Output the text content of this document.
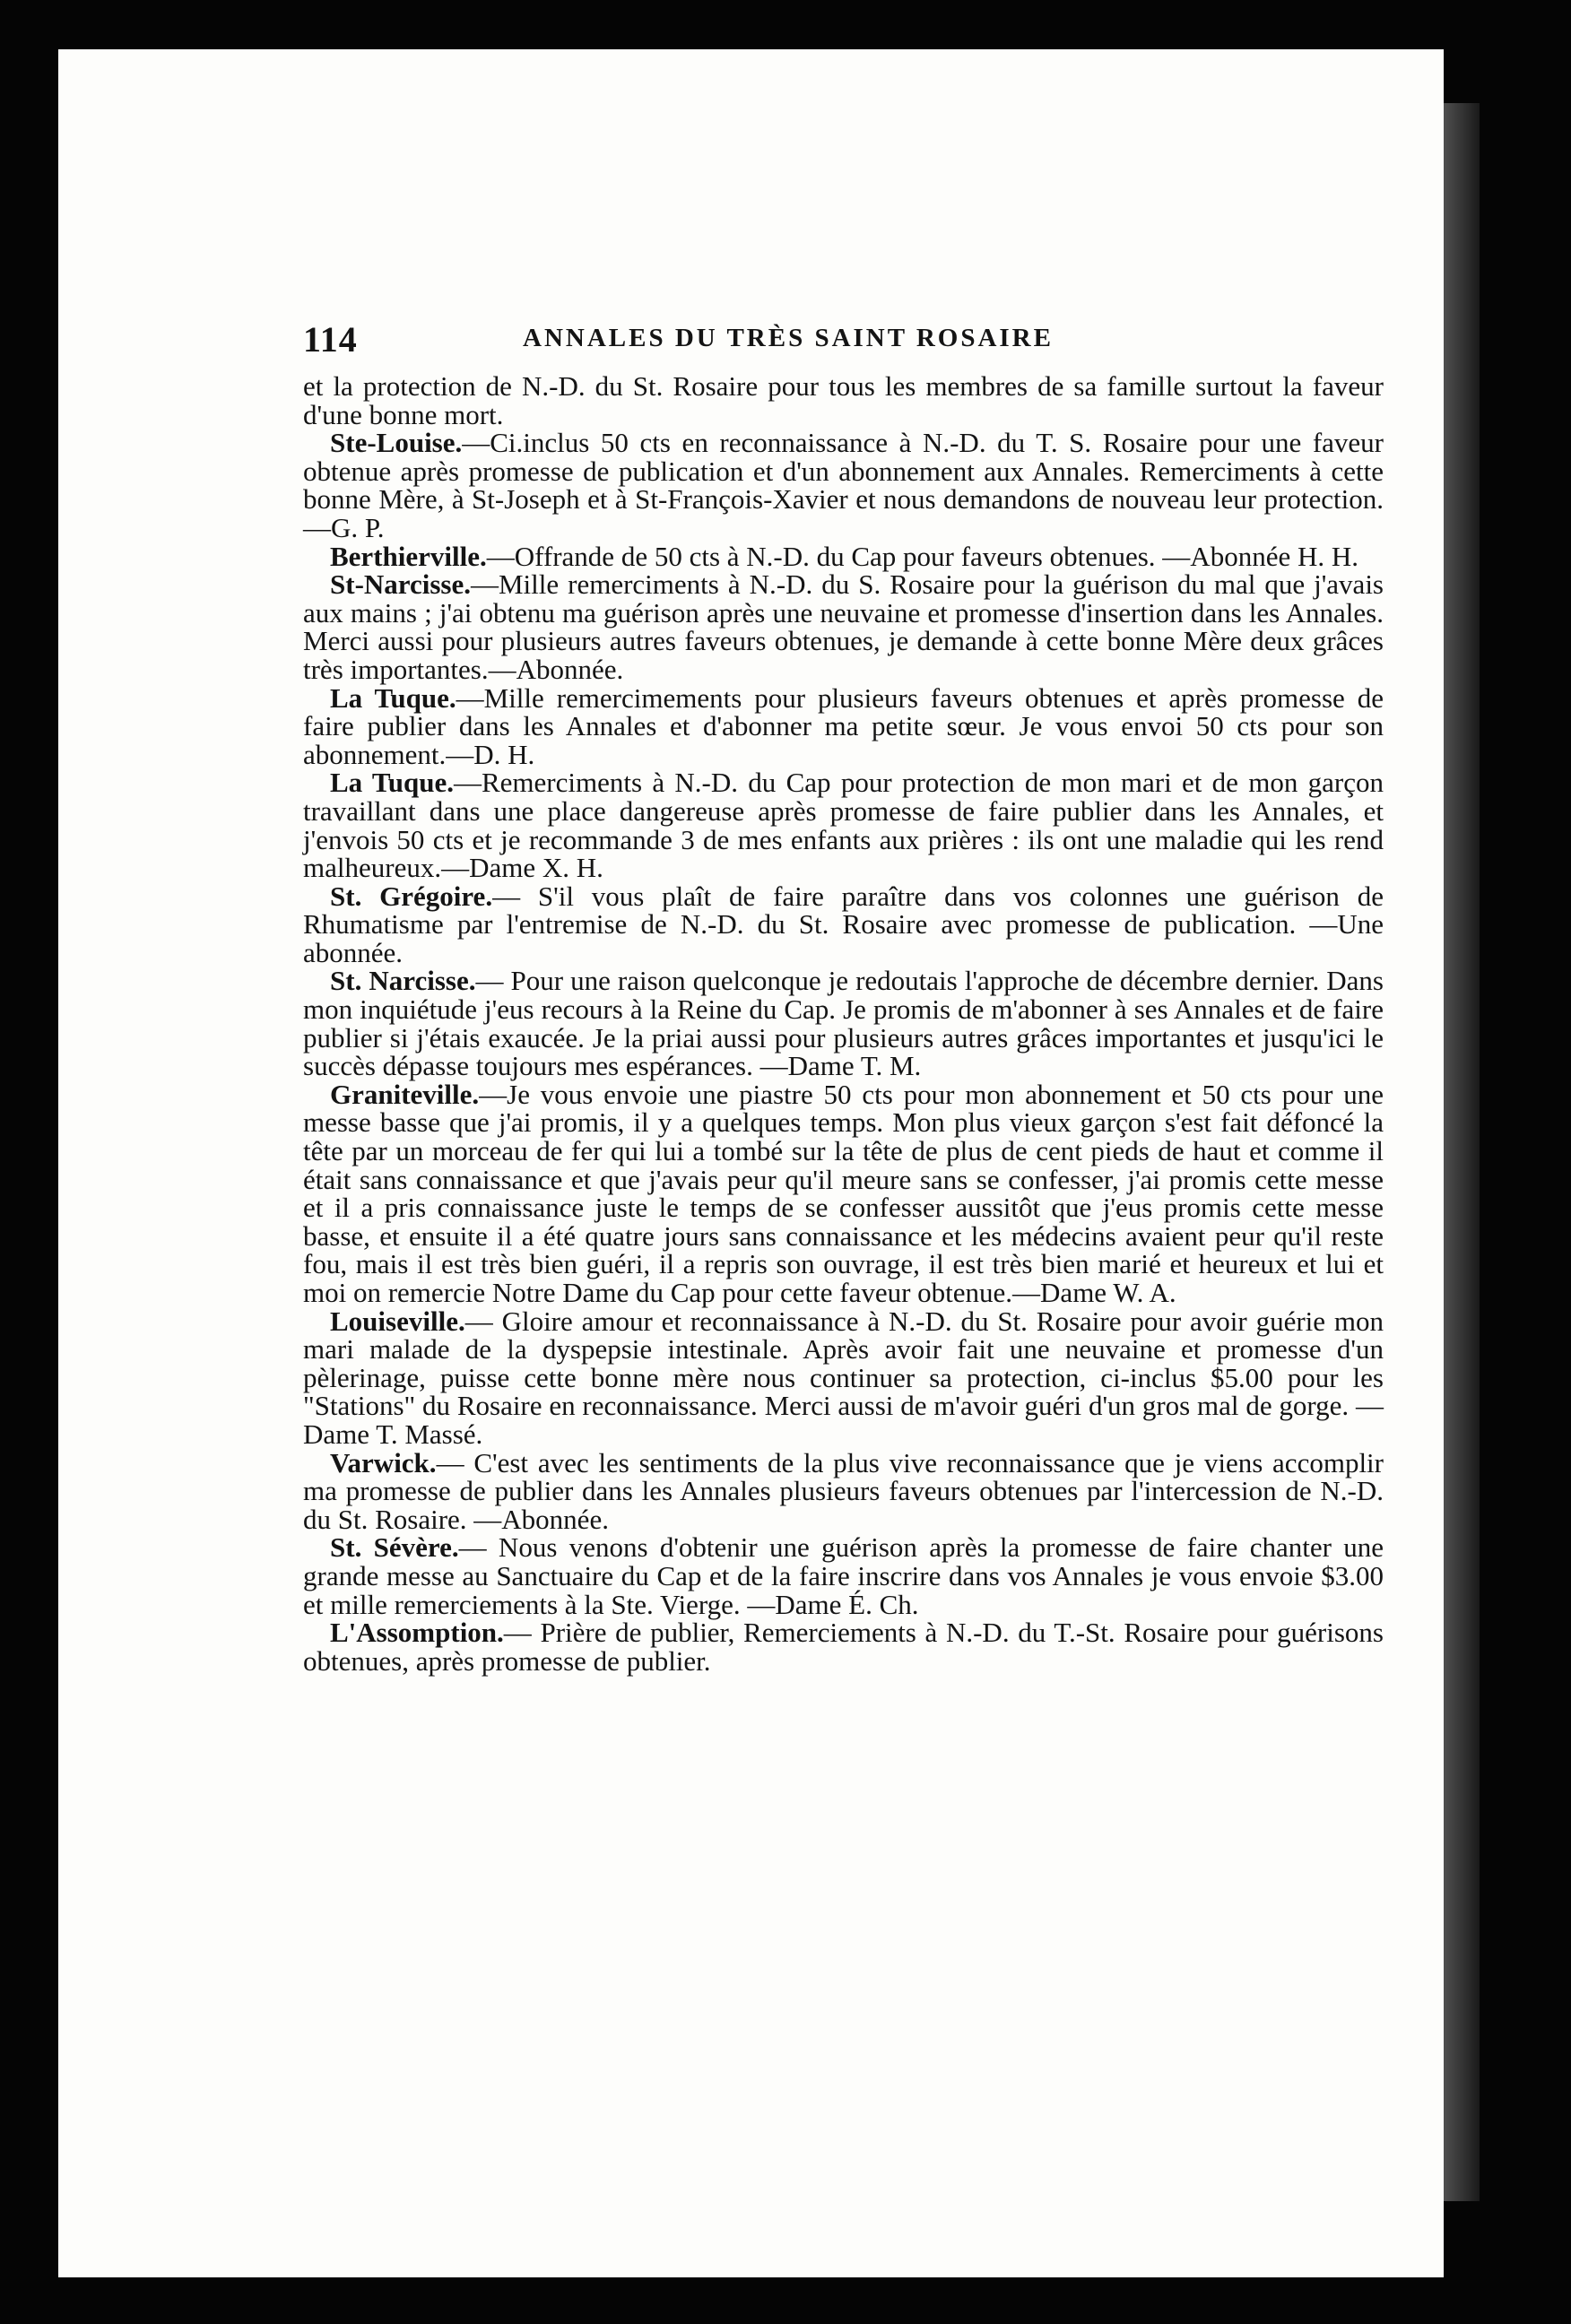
114	ANNALES DU TRÈS SAINT ROSAIRE

et la protection de N.-D. du St. Rosaire pour tous les membres de sa famille surtout la faveur d'une bonne mort.

Ste-Louise.—Ci.inclus 50 cts en reconnaissance à N.-D. du T. S. Rosaire pour une faveur obtenue après promesse de publication et d'un abonnement aux Annales. Remerciments à cette bonne Mère, à St-Joseph et à St-François-Xavier et nous demandons de nouveau leur protection.—G. P.

Berthierville.—Offrande de 50 cts à N.-D. du Cap pour faveurs obtenues. —Abonnée H. H.

St-Narcisse.—Mille remerciments à N.-D. du S. Rosaire pour la guérison du mal que j'avais aux mains ; j'ai obtenu ma guérison après une neuvaine et promesse d'insertion dans les Annales. Merci aussi pour plusieurs autres faveurs obtenues, je demande à cette bonne Mère deux grâces très importantes.—Abonnée.

La Tuque.—Mille remercimements pour plusieurs faveurs obtenues et après promesse de faire publier dans les Annales et d'abonner ma petite sœur. Je vous envoi 50 cts pour son abonnement.—D. H.

La Tuque.—Remerciments à N.-D. du Cap pour protection de mon mari et de mon garçon travaillant dans une place dangereuse après promesse de faire publier dans les Annales, et j'envois 50 cts et je recommande 3 de mes enfants aux prières : ils ont une maladie qui les rend malheureux.—Dame X. H.

St. Grégoire.— S'il vous plaît de faire paraître dans vos colonnes une guérison de Rhumatisme par l'entremise de N.-D. du St. Rosaire avec promesse de publication. —Une abonnée.

St. Narcisse.— Pour une raison quelconque je redoutais l'approche de décembre dernier. Dans mon inquiétude j'eus recours à la Reine du Cap. Je promis de m'abonner à ses Annales et de faire publier si j'étais exaucée. Je la priai aussi pour plusieurs autres grâces importantes et jusqu'ici le succès dépasse toujours mes espérances. —Dame T. M.

Graniteville.—Je vous envoie une piastre 50 cts pour mon abonnement et 50 cts pour une messe basse que j'ai promis, il y a quelques temps. Mon plus vieux garçon s'est fait défoncé la tête par un morceau de fer qui lui a tombé sur la tête de plus de cent pieds de haut et comme il était sans connaissance et que j'avais peur qu'il meure sans se confesser, j'ai promis cette messe et il a pris connaissance juste le temps de se confesser aussitôt que j'eus promis cette messe basse, et ensuite il a été quatre jours sans connaissance et les médecins avaient peur qu'il reste fou, mais il est très bien guéri, il a repris son ouvrage, il est très bien marié et heureux et lui et moi on remercie Notre Dame du Cap pour cette faveur obtenue.—Dame W. A.

Louiseville.— Gloire amour et reconnaissance à N.-D. du St. Rosaire pour avoir guérie mon mari malade de la dyspepsie intestinale. Après avoir fait une neuvaine et promesse d'un pèlerinage, puisse cette bonne mère nous continuer sa protection, ci-inclus $5.00 pour les "Stations" du Rosaire en reconnaissance. Merci aussi de m'avoir guéri d'un gros mal de gorge. —Dame T. Massé.

Varwick.— C'est avec les sentiments de la plus vive reconnaissance que je viens accomplir ma promesse de publier dans les Annales plusieurs faveurs obtenues par l'intercession de N.-D. du St. Rosaire. —Abonnée.

St. Sévère.— Nous venons d'obtenir une guérison après la promesse de faire chanter une grande messe au Sanctuaire du Cap et de la faire inscrire dans vos Annales je vous envoie $3.00 et mille remerciements à la Ste. Vierge. —Dame É. Ch.

L'Assomption.— Prière de publier, Remerciements à N.-D. du T.-St. Rosaire pour guérisons obtenues, après promesse de publier.
